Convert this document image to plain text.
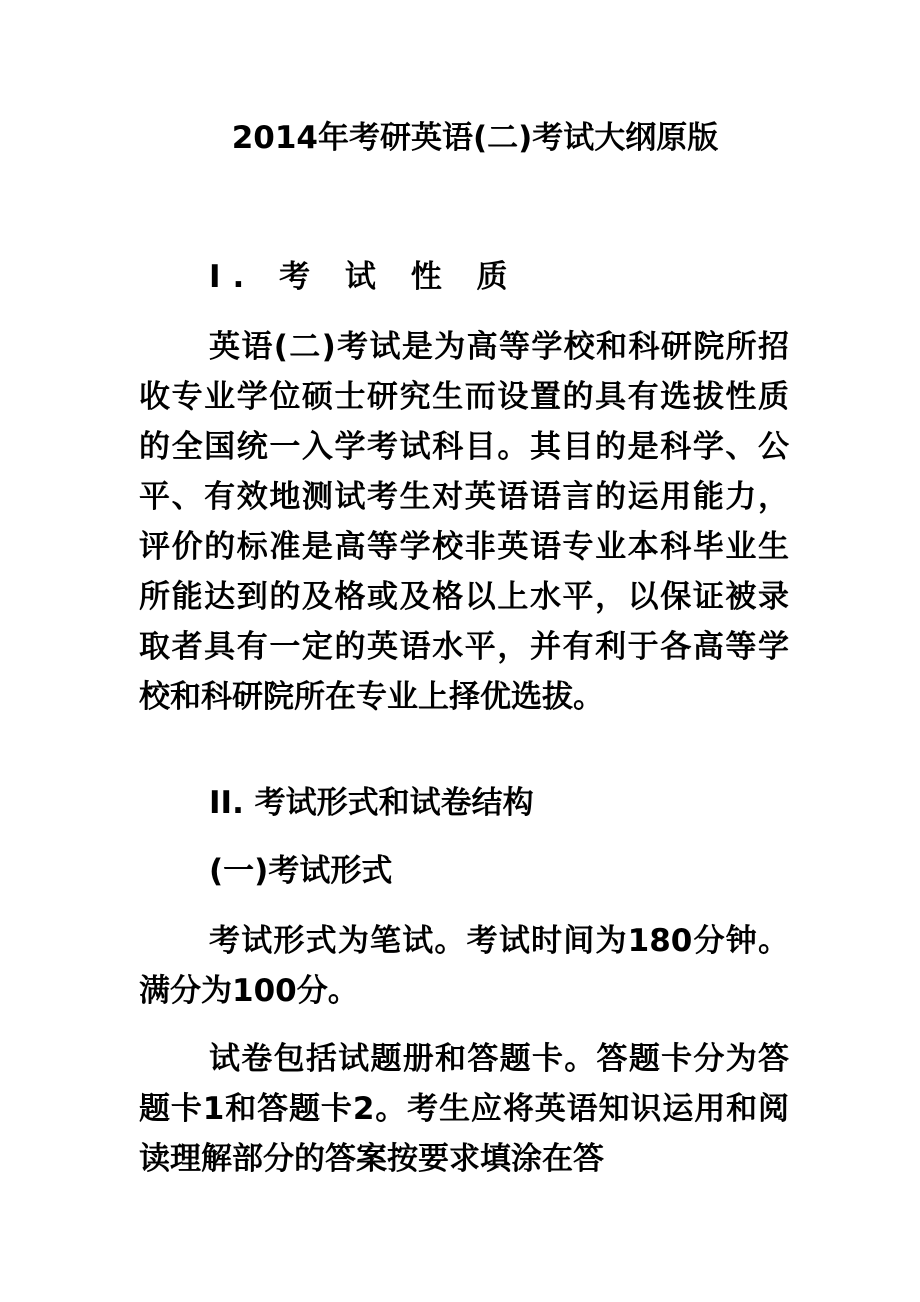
2014年考研英语(二)考试大纲原版
I. 考 试 性 质

英语(二)考试是为高等学校和科研院所招收专业学位硕士研究生而设置的具有选拔性质的全国统一入学考试科目。其目的是科学、公平、有效地测试考生对英语语言的运用能力，评价的标准是高等学校非英语专业本科毕业生所能达到的及格或及格以上水平，以保证被录取者具有一定的英语水平，并有利于各高等学校和科研院所在专业上择优选拔。

II. 考试形式和试卷结构
(一)考试形式

考试形式为笔试。考试时间为180分钟。满分为100分。

试卷包括试题册和答题卡。答题卡分为答题卡1和答题卡2。考生应将英语知识运用和阅读理解部分的答案按要求填涂在答
